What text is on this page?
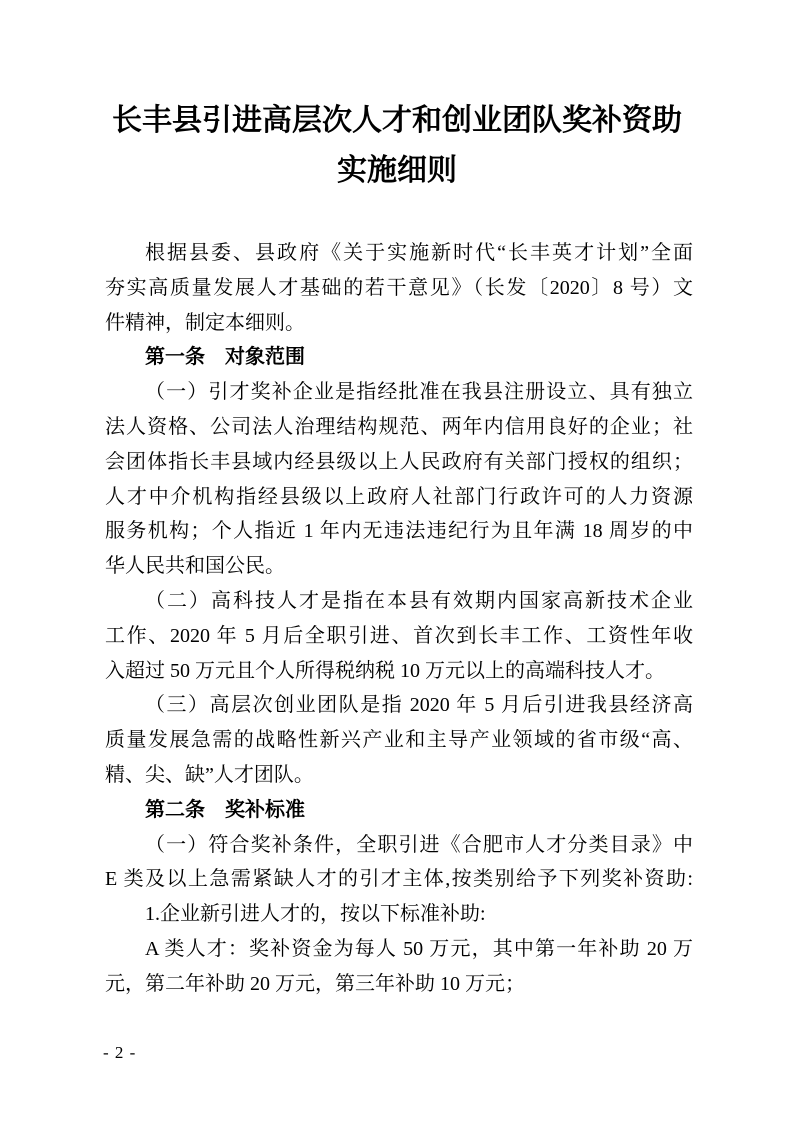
长丰县引进高层次人才和创业团队奖补资助
实施细则
根据县委、县政府《关于实施新时代“长丰英才计划”全面
夯实高质量发展人才基础的若干意见》（长发〔2020〕8 号）文
件精神，制定本细则。
第一条　对象范围
（一）引才奖补企业是指经批准在我县注册设立、具有独立
法人资格、公司法人治理结构规范、两年内信用良好的企业；社
会团体指长丰县域内经县级以上人民政府有关部门授权的组织；
人才中介机构指经县级以上政府人社部门行政许可的人力资源
服务机构；个人指近 1 年内无违法违纪行为且年满 18 周岁的中
华人民共和国公民。
（二）高科技人才是指在本县有效期内国家高新技术企业
工作、2020 年 5 月后全职引进、首次到长丰工作、工资性年收
入超过 50 万元且个人所得税纳税 10 万元以上的高端科技人才。
（三）高层次创业团队是指 2020 年 5 月后引进我县经济高
质量发展急需的战略性新兴产业和主导产业领域的省市级“高、
精、尖、缺”人才团队。
第二条　奖补标准
（一）符合奖补条件，全职引进《合肥市人才分类目录》中
E 类及以上急需紧缺人才的引才主体,按类别给予下列奖补资助:
1.企业新引进人才的，按以下标准补助:
A 类人才：奖补资金为每人 50 万元，其中第一年补助 20 万
元，第二年补助 20 万元，第三年补助 10 万元；
- 2 -
